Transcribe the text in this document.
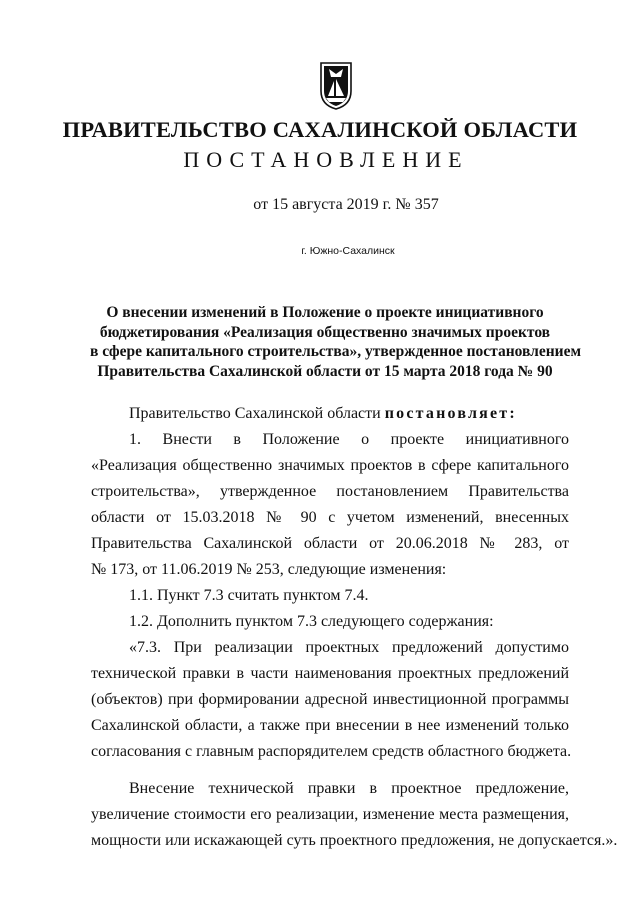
ПРАВИТЕЛЬСТВО САХАЛИНСКОЙ ОБЛАСТИ
ПОСТАНОВЛЕНИЕ
от 15 августа 2019 г. № 357
г. Южно-Сахалинск
О внесении изменений в Положение о проекте инициативного
бюджетирования «Реализация общественно значимых проектов
в сфере капитального строительства», утвержденное постановлением
Правительства Сахалинской области от 15 марта 2018 года № 90
Правительство Сахалинской области постановляет:
1. Внести в Положение о проекте инициативного
«Реализация общественно значимых проектов в сфере капитального
строительства», утвержденное постановлением Правительства
области от 15.03.2018 № 90 с учетом изменений, внесенных
Правительства Сахалинской области от 20.06.2018 № 283, от
№ 173, от 11.06.2019 № 253, следующие изменения:
1.1. Пункт 7.3 считать пунктом 7.4.
1.2. Дополнить пунктом 7.3 следующего содержания:
«7.3. При реализации проектных предложений допустимо
технической правки в части наименования проектных предложений
(объектов) при формировании адресной инвестиционной программы
Сахалинской области, а также при внесении в нее изменений только
согласования с главным распорядителем средств областного бюджета.
Внесение технической правки в проектное предложение,
увеличение стоимости его реализации, изменение места размещения,
мощности или искажающей суть проектного предложения, не допускается.».
